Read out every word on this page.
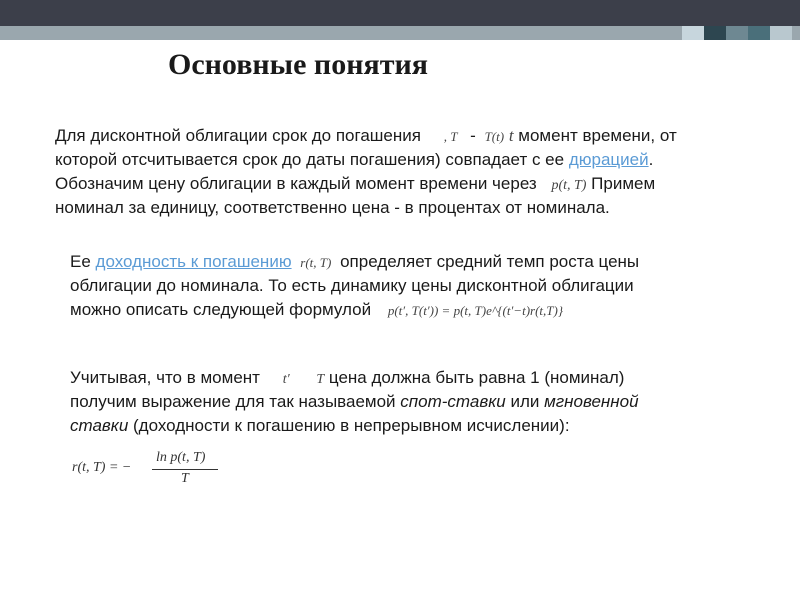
Основные понятия
Для дисконтной облигации срок до погашения , T - T(t) t момент времени, от
которой отсчитывается срок до даты погашения) совпадает с ее дюрацией.
Обозначим цену облигации в каждый момент времени через p(t, T) Примем
номинал за единицу, соответственно цена - в процентах от номинала.
Ее доходность к погашению r(t, T) определяет средний темп роста цены
облигации до номинала. То есть динамику цены дисконтной облигации
можно описать следующей формулой p(t′, T(t′)) = p(t, T)e^{(t′−t)r(t,T)}
Учитывая, что в момент t′ T цена должна быть равна 1 (номинал)
получим выражение для так называемой спот-ставки или мгновенной
ставки (доходности к погашению в непрерывном исчислении):
r(t, T) = −
ln p(t, T)
T
